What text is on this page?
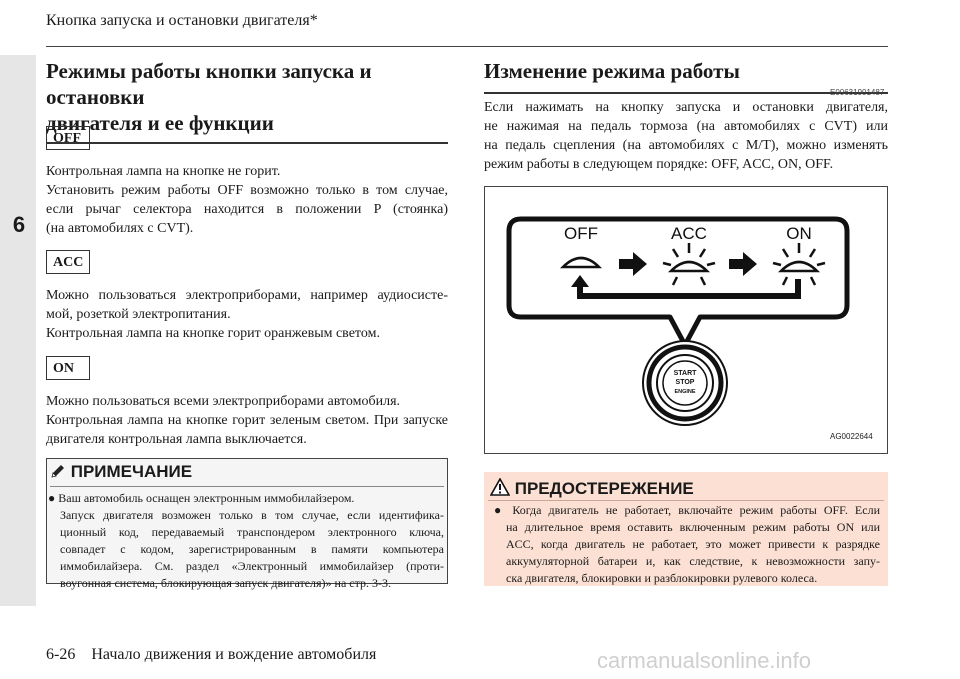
Кнопка запуска и остановки двигателя*
6
Режимы работы кнопки запуска и остановки
двигателя и ее функции
OFF
Контрольная лампа на кнопке не горит.
Установить режим работы OFF возможно только в том случае,
если рычаг селектора находится в положении P (стоянка)
(на автомобилях с CVT).
ACC
Можно пользоваться электроприборами, например аудиосисте-
мой, розеткой электропитания.
Контрольная лампа на кнопке горит оранжевым светом.
ON
Можно пользоваться всеми электроприборами автомобиля.
Контрольная лампа на кнопке горит зеленым светом. При запуске
двигателя контрольная лампа выключается.
ПРИМЕЧАНИЕ
● Ваш автомобиль оснащен электронным иммобилайзером.
Запуск двигателя возможен только в том случае, если идентифика-
ционный код, передаваемый транспондером электронного ключа,
совпадет с кодом, зарегистрированным в памяти компьютера
иммобилайзера. См. раздел «Электронный иммобилайзер (проти-
воугонная система, блокирующая запуск двигателя)» на стр. 3-3.
Изменение режима работы
E00631901487
Если нажимать на кнопку запуска и остановки двигателя,
не нажимая на педаль тормоза (на автомобилях с CVT) или
на педаль сцепления (на автомобилях с M/T), можно изменять
режим работы в следующем порядке: OFF, ACC, ON, OFF.
OFF	ACC	ON
START
STOP
ENGINE
AG0022644
ПРЕДОСТЕРЕЖЕНИЕ
● Когда двигатель не работает, включайте режим работы OFF. Если
на длительное время оставить включенным режим работы ON или
ACC, когда двигатель не работает, это может привести к разрядке
аккумуляторной батареи и, как следствие, к невозможности запу-
ска двигателя, блокировки и разблокировки рулевого колеса.
6-26 Начало движения и вождение автомобиля	carmanualsonline.info
